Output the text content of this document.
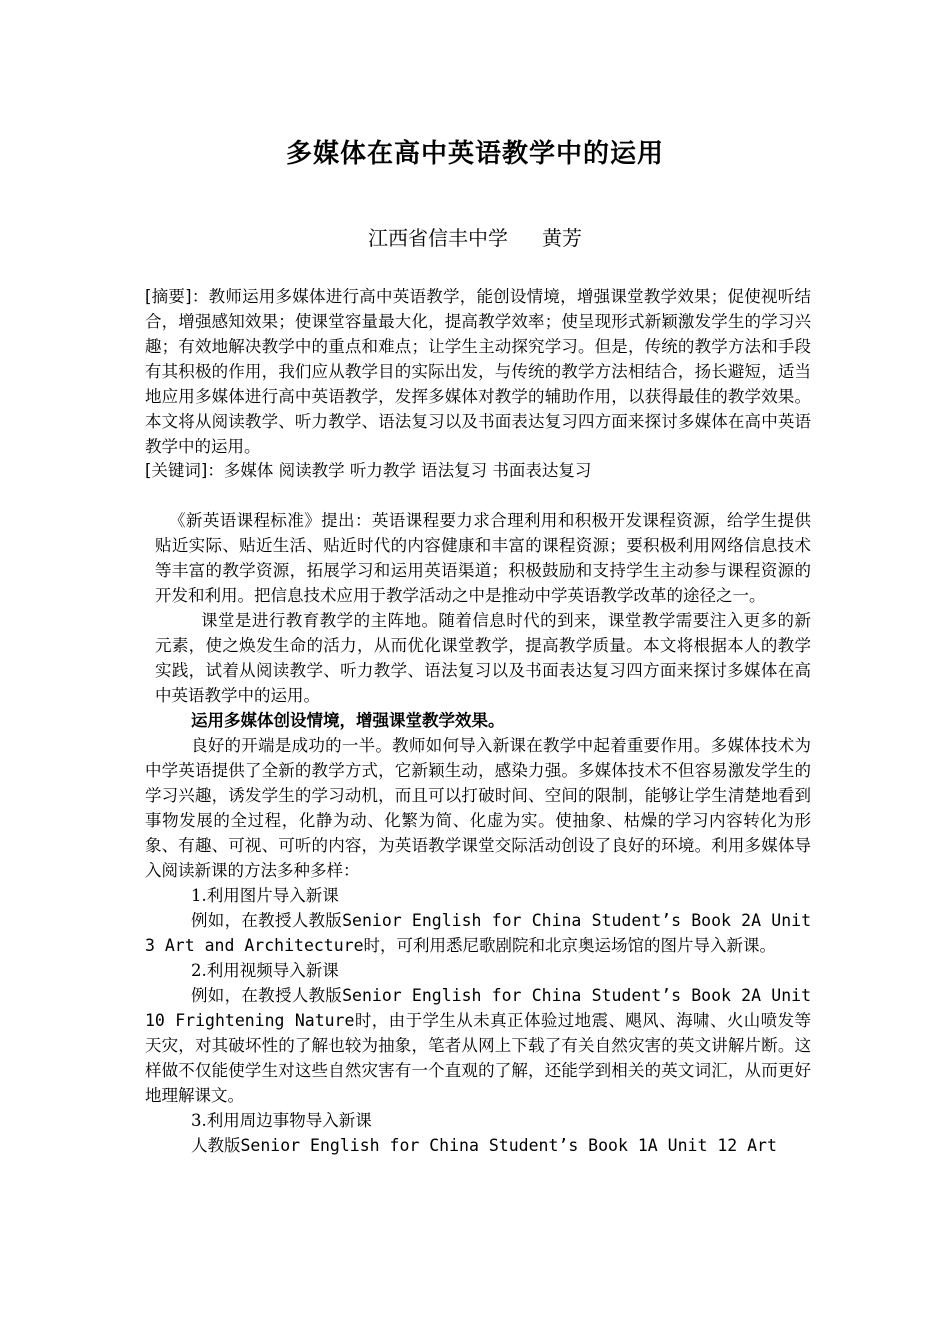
多媒体在高中英语教学中的运用
江西省信丰中学 黄芳

[摘要]：教师运用多媒体进行高中英语教学，能创设情境，增强课堂教学效果；促使视听结合，增强感知效果；使课堂容量最大化，提高教学效率；使呈现形式新颖激发学生的学习兴趣；有效地解决教学中的重点和难点；让学生主动探究学习。但是，传统的教学方法和手段有其积极的作用，我们应从教学目的实际出发，与传统的教学方法相结合，扬长避短，适当地应用多媒体进行高中英语教学，发挥多媒体对教学的辅助作用，以获得最佳的教学效果。本文将从阅读教学、听力教学、语法复习以及书面表达复习四方面来探讨多媒体在高中英语教学中的运用。

[关键词]：多媒体 阅读教学 听力教学 语法复习 书面表达复习

《新英语课程标准》提出：英语课程要力求合理利用和积极开发课程资源，给学生提供贴近实际、贴近生活、贴近时代的内容健康和丰富的课程资源；要积极利用网络信息技术等丰富的教学资源，拓展学习和运用英语渠道；积极鼓励和支持学生主动参与课程资源的开发和利用。把信息技术应用于教学活动之中是推动中学英语教学改革的途径之一。

课堂是进行教育教学的主阵地。随着信息时代的到来，课堂教学需要注入更多的新元素，使之焕发生命的活力，从而优化课堂教学，提高教学质量。本文将根据本人的教学实践，试着从阅读教学、听力教学、语法复习以及书面表达复习四方面来探讨多媒体在高中英语教学中的运用。

运用多媒体创设情境，增强课堂教学效果。

良好的开端是成功的一半。教师如何导入新课在教学中起着重要作用。多媒体技术为中学英语提供了全新的教学方式，它新颖生动，感染力强。多媒体技术不但容易激发学生的学习兴趣，诱发学生的学习动机，而且可以打破时间、空间的限制，能够让学生清楚地看到事物发展的全过程，化静为动、化繁为简、化虚为实。使抽象、枯燥的学习内容转化为形象、有趣、可视、可听的内容，为英语教学课堂交际活动创设了良好的环境。利用多媒体导入阅读新课的方法多种多样：

1.利用图片导入新课

例如，在教授人教版Senior English for China Student’s Book 2A Unit 3 Art and Architecture时，可利用悉尼歌剧院和北京奥运场馆的图片导入新课。

2.利用视频导入新课

例如，在教授人教版Senior English for China Student’s Book 2A Unit 10 Frightening Nature时，由于学生从未真正体验过地震、飓风、海啸、火山喷发等天灾，对其破坏性的了解也较为抽象，笔者从网上下载了有关自然灾害的英文讲解片断。这样做不仅能使学生对这些自然灾害有一个直观的了解，还能学到相关的英文词汇，从而更好地理解课文。

3.利用周边事物导入新课

人教版Senior English for China Student’s Book 1A Unit 12 Art
